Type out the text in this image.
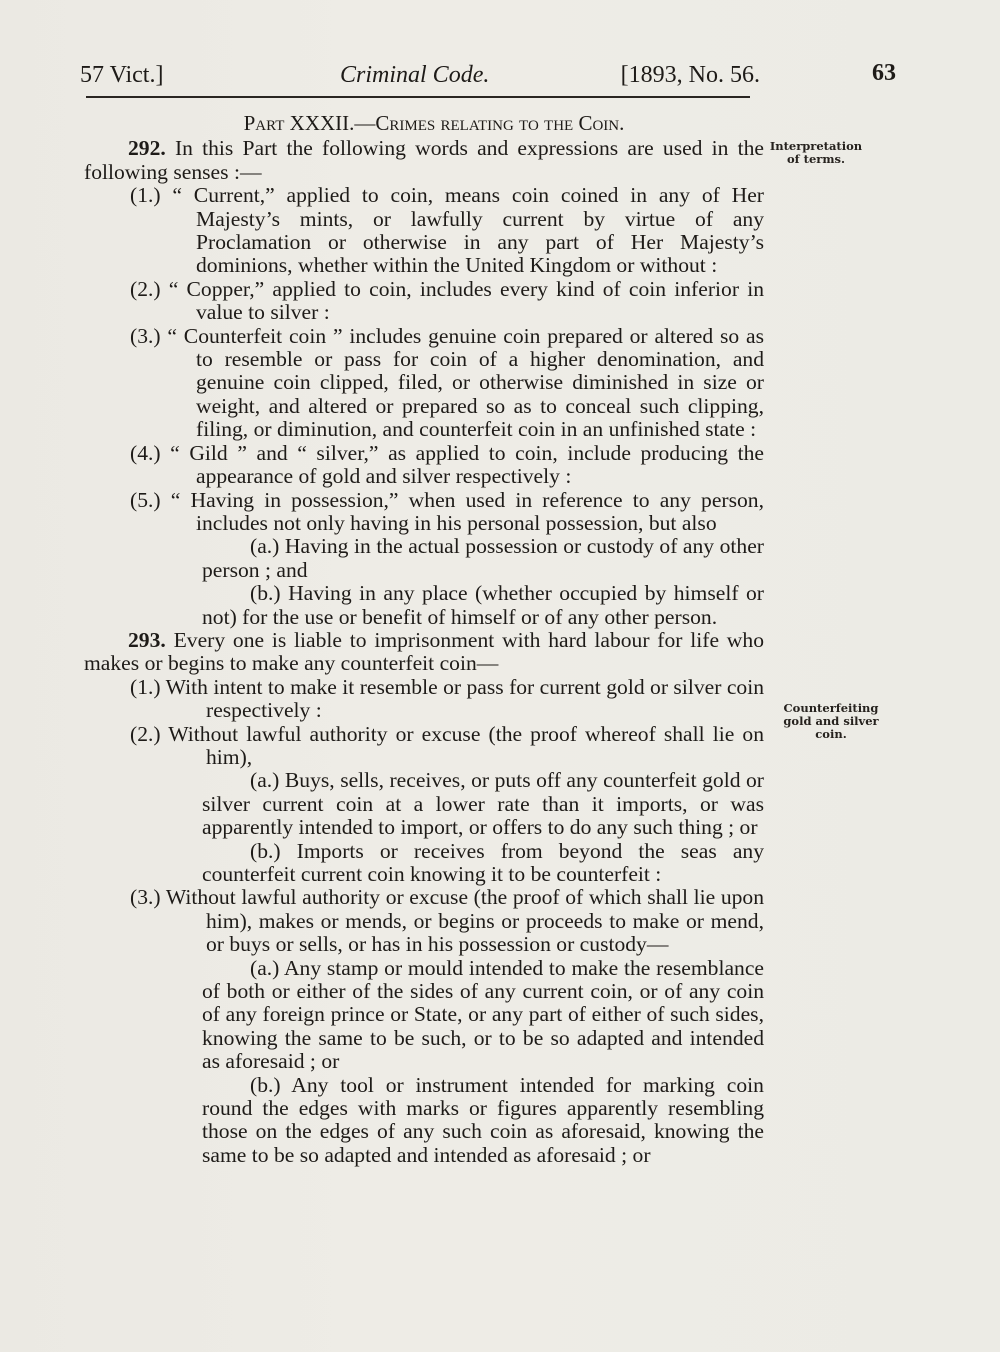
57 Vict.]	Criminal Code.	[1893, No. 56.	63
Interpretation of terms.
Counterfeiting gold and silver coin.

Part XXXII.—Crimes relating to the Coin.

292. In this Part the following words and expressions are used in the following senses :—

(1.) “ Current,” applied to coin, means coin coined in any of Her Majesty’s mints, or lawfully current by virtue of any Proclamation or otherwise in any part of Her Majesty’s dominions, whether within the United Kingdom or without :

(2.) “ Copper,” applied to coin, includes every kind of coin inferior in value to silver :

(3.) “ Counterfeit coin ” includes genuine coin prepared or altered so as to resemble or pass for coin of a higher denomination, and genuine coin clipped, filed, or otherwise diminished in size or weight, and altered or prepared so as to conceal such clipping, filing, or diminution, and counterfeit coin in an unfinished state :

(4.) “ Gild ” and “ silver,” as applied to coin, include producing the appearance of gold and silver respectively :

(5.) “ Having in possession,” when used in reference to any person, includes not only having in his personal possession, but also

(a.) Having in the actual possession or custody of any other person ; and

(b.) Having in any place (whether occupied by himself or not) for the use or benefit of himself or of any other person.

293. Every one is liable to imprisonment with hard labour for life who makes or begins to make any counterfeit coin—

(1.) With intent to make it resemble or pass for current gold or silver coin respectively :

(2.) Without lawful authority or excuse (the proof whereof shall lie on him),

(a.) Buys, sells, receives, or puts off any counterfeit gold or silver current coin at a lower rate than it imports, or was apparently intended to import, or offers to do any such thing ; or

(b.) Imports or receives from beyond the seas any counterfeit current coin knowing it to be counterfeit :

(3.) Without lawful authority or excuse (the proof of which shall lie upon him), makes or mends, or begins or proceeds to make or mend, or buys or sells, or has in his possession or custody—

(a.) Any stamp or mould intended to make the resemblance of both or either of the sides of any current coin, or of any coin of any foreign prince or State, or any part of either of such sides, knowing the same to be such, or to be so adapted and intended as aforesaid ; or

(b.) Any tool or instrument intended for marking coin round the edges with marks or figures apparently resembling those on the edges of any such coin as aforesaid, knowing the same to be so adapted and intended as aforesaid ; or
